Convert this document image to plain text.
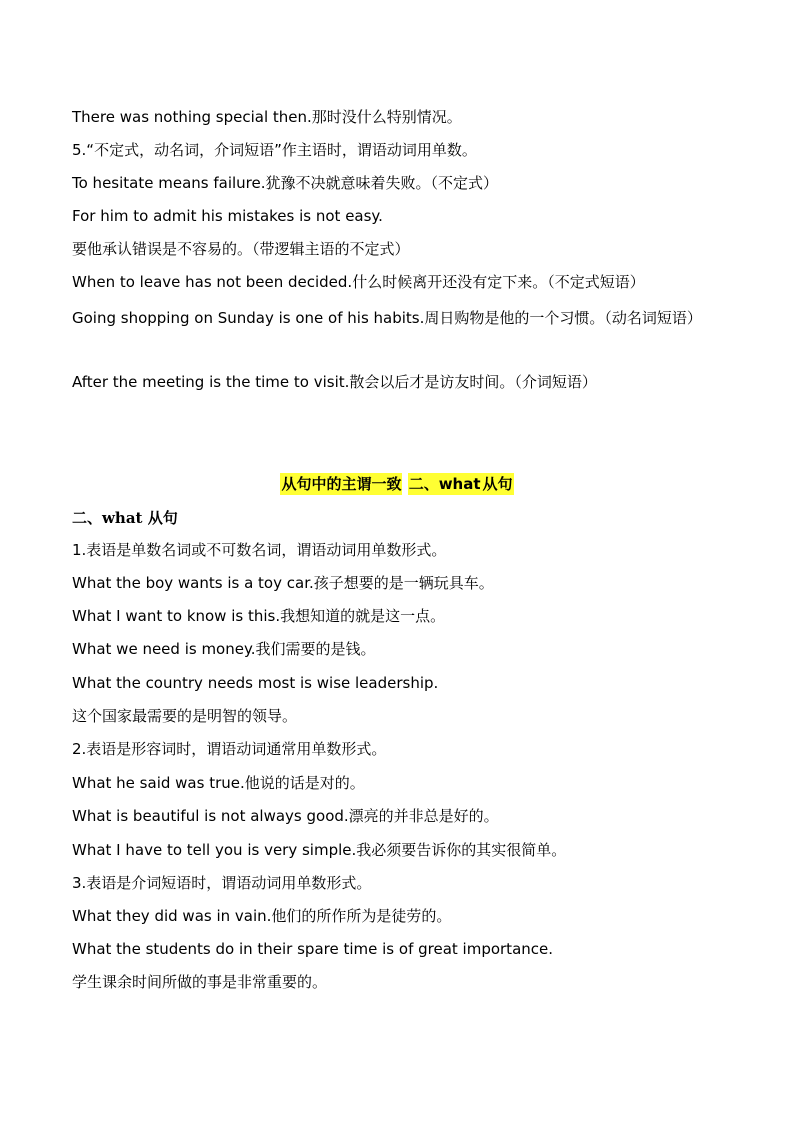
There was nothing special then.那时没什么特别情况。
5.“不定式，动名词，介词短语”作主语时，谓语动词用单数。
To hesitate means failure.犹豫不决就意味着失败。（不定式）
For him to admit his mistakes is not easy.
要他承认错误是不容易的。（带逻辑主语的不定式）
When to leave has not been decided.什么时候离开还没有定下来。（不定式短语）
Going shopping on Sunday is one of his habits.周日购物是他的一个习惯。（动名词短语）
After the meeting is the time to visit.散会以后才是访友时间。（介词短语）
从句中的主谓一致 二、what 从句
二、what 从句
1.表语是单数名词或不可数名词，谓语动词用单数形式。
What the boy wants is a toy car.孩子想要的是一辆玩具车。
What I want to know is this.我想知道的就是这一点。
What we need is money.我们需要的是钱。
What the country needs most is wise leadership.
这个国家最需要的是明智的领导。
2.表语是形容词时，谓语动词通常用单数形式。
What he said was true.他说的话是对的。
What is beautiful is not always good.漂亮的并非总是好的。
What I have to tell you is very simple.我必须要告诉你的其实很简单。
3.表语是介词短语时，谓语动词用单数形式。
What they did was in vain.他们的所作所为是徒劳的。
What the students do in their spare time is of great importance.
学生课余时间所做的事是非常重要的。
